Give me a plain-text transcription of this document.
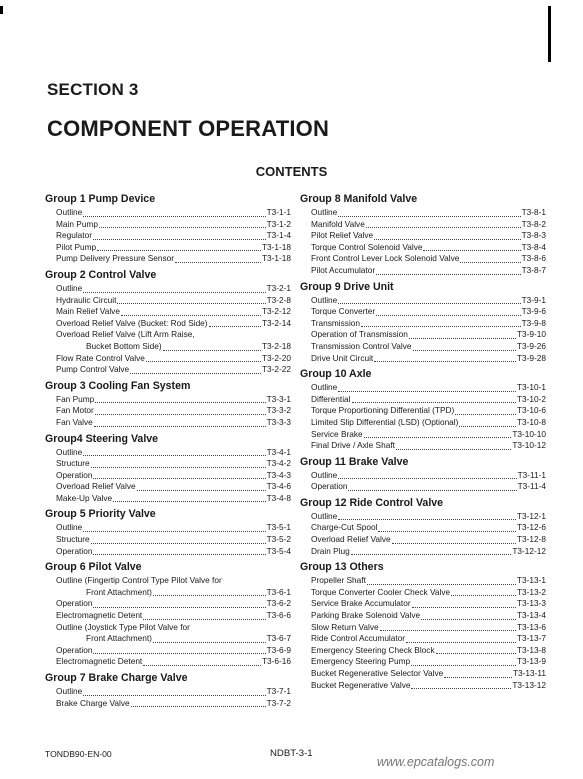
SECTION 3
COMPONENT OPERATION
CONTENTS
Group 1 Pump Device
Outline	T3-1-1
Main Pump	T3-1-2
Regulator	T3-1-4
Pilot Pump	T3-1-18
Pump Delivery Pressure Sensor	T3-1-18
Group 2 Control Valve
Outline	T3-2-1
Hydraulic Circuit	T3-2-8
Main Relief Valve	T3-2-12
Overload Relief Valve (Bucket: Rod Side)	T3-2-14
Overload Relief Valve (Lift Arm Raise,
Bucket Bottom Side)	T3-2-18
Flow Rate Control Valve	T3-2-20
Pump Control Valve	T3-2-22
Group 3 Cooling Fan System
Fan Pump	T3-3-1
Fan Motor	T3-3-2
Fan Valve	T3-3-3
Group4 Steering Valve
Outline	T3-4-1
Structure	T3-4-2
Operation	T3-4-3
Overload Relief Valve	T3-4-6
Make-Up Valve	T3-4-8
Group 5 Priority Valve
Outline	T3-5-1
Structure	T3-5-2
Operation	T3-5-4
Group 6 Pilot Valve
Outline (Fingertip Control Type Pilot Valve for
Front Attachment)	T3-6-1
Operation	T3-6-2
Electromagnetic Detent	T3-6-6
Outline (Joystick Type Pilot Valve for
Front Attachment)	T3-6-7
Operation	T3-6-9
Electromagnetic Detent	T3-6-16
Group 7 Brake Charge Valve
Outline	T3-7-1
Brake Charge Valve	T3-7-2
Group 8 Manifold Valve
Outline	T3-8-1
Manifold Valve	T3-8-2
Pilot Relief Valve	T3-8-3
Torque Control Solenoid Valve	T3-8-4
Front Control Lever Lock Solenoid Valve	T3-8-6
Pilot Accumulator	T3-8-7
Group 9 Drive Unit
Outline	T3-9-1
Torque Converter	T3-9-6
Transmission	T3-9-8
Operation of Transmission	T3-9-10
Transmission Control Valve	T3-9-26
Drive Unit Circuit	T3-9-28
Group 10 Axle
Outline	T3-10-1
Differential	T3-10-2
Torque Proportioning Differential (TPD)	T3-10-6
Limited Slip Differential (LSD) (Optional)	T3-10-8
Service Brake	T3-10-10
Final Drive / Axle Shaft	T3-10-12
Group 11 Brake Valve
Outline	T3-11-1
Operation	T3-11-4
Group 12 Ride Control Valve
Outline	T3-12-1
Charge-Cut Spool	T3-12-6
Overload Relief Valve	T3-12-8
Drain Plug	T3-12-12
Group 13 Others
Propeller Shaft	T3-13-1
Torque Converter Cooler Check Valve	T3-13-2
Service Brake Accumulator	T3-13-3
Parking Brake Solenoid Valve	T3-13-4
Slow Return Valve	T3-13-6
Ride Control Accumulator	T3-13-7
Emergency Steering Check Block	T3-13-8
Emergency Steering Pump	T3-13-9
Bucket Regenerative Selector Valve	T3-13-11
Bucket Regenerative Valve	T3-13-12
TONDB90-EN-00	NDBT-3-1
www.epcatalogs.com
